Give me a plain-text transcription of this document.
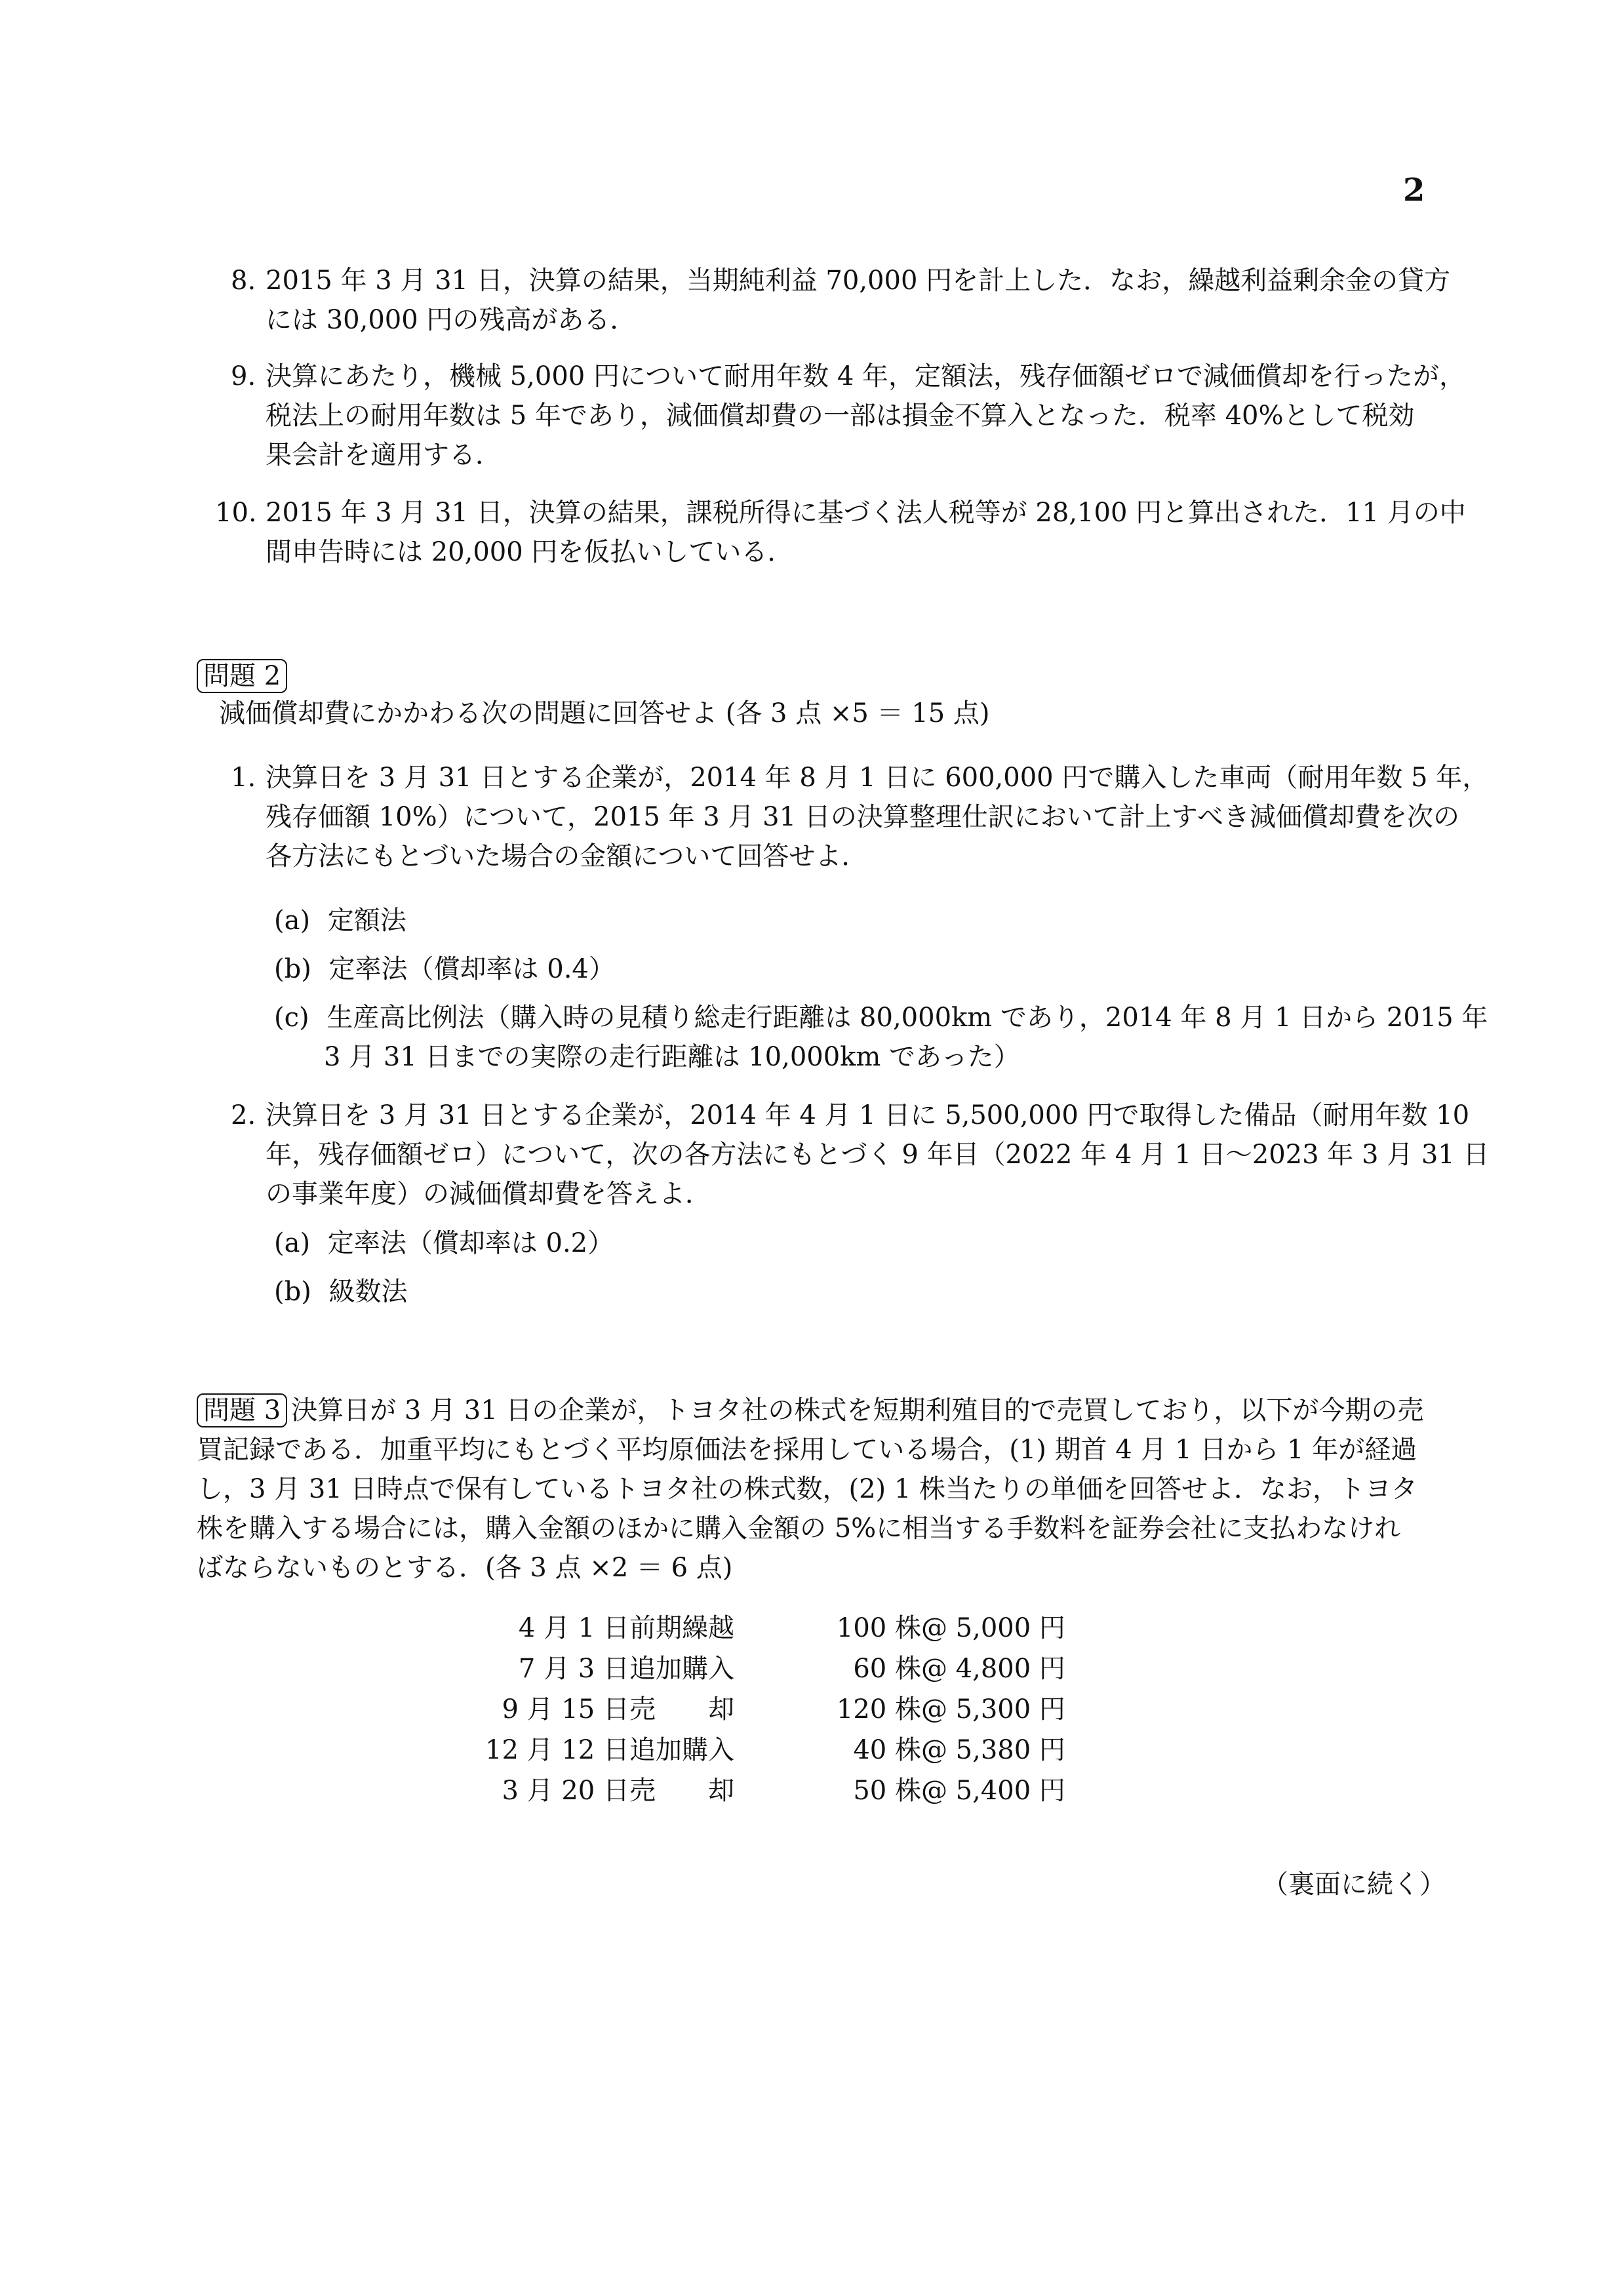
2
8. 2015 年 3 月 31 日，決算の結果，当期純利益 70,000 円を計上した．なお，繰越利益剰余金の貸方
には 30,000 円の残高がある．
9. 決算にあたり，機械 5,000 円について耐用年数 4 年，定額法，残存価額ゼロで減価償却を行ったが，
税法上の耐用年数は 5 年であり，減価償却費の一部は損金不算入となった．税率 40%として税効
果会計を適用する．
10. 2015 年 3 月 31 日，決算の結果，課税所得に基づく法人税等が 28,100 円と算出された．11 月の中
間申告時には 20,000 円を仮払いしている．
問題 2
減価償却費にかかわる次の問題に回答せよ (各 3 点 ×5 ＝ 15 点)
1. 決算日を 3 月 31 日とする企業が，2014 年 8 月 1 日に 600,000 円で購入した車両（耐用年数 5 年，
残存価額 10%）について，2015 年 3 月 31 日の決算整理仕訳において計上すべき減価償却費を次の
各方法にもとづいた場合の金額について回答せよ．
(a) 定額法
(b) 定率法（償却率は 0.4）
(c) 生産高比例法（購入時の見積り総走行距離は 80,000km であり，2014 年 8 月 1 日から 2015 年
3 月 31 日までの実際の走行距離は 10,000km であった）
2. 決算日を 3 月 31 日とする企業が，2014 年 4 月 1 日に 5,500,000 円で取得した備品（耐用年数 10
年，残存価額ゼロ）について，次の各方法にもとづく 9 年目（2022 年 4 月 1 日〜2023 年 3 月 31 日
の事業年度）の減価償却費を答えよ．
(a) 定率法（償却率は 0.2）
(b) 級数法
問題 3 決算日が 3 月 31 日の企業が，トヨタ社の株式を短期利殖目的で売買しており，以下が今期の売
買記録である．加重平均にもとづく平均原価法を採用している場合，(1) 期首 4 月 1 日から 1 年が経過
し，3 月 31 日時点で保有しているトヨタ社の株式数，(2) 1 株当たりの単価を回答せよ．なお，トヨタ
株を購入する場合には，購入金額のほかに購入金額の 5%に相当する手数料を証券会社に支払わなけれ
ばならないものとする．(各 3 点 ×2 ＝ 6 点)
4 月 1 日	前期繰越	100 株	@ 5,000 円
7 月 3 日	追加購入	60 株	@ 4,800 円
9 月 15 日	売　　却	120 株	@ 5,300 円
12 月 12 日	追加購入	40 株	@ 5,380 円
3 月 20 日	売　　却	50 株	@ 5,400 円
（裏面に続く）
